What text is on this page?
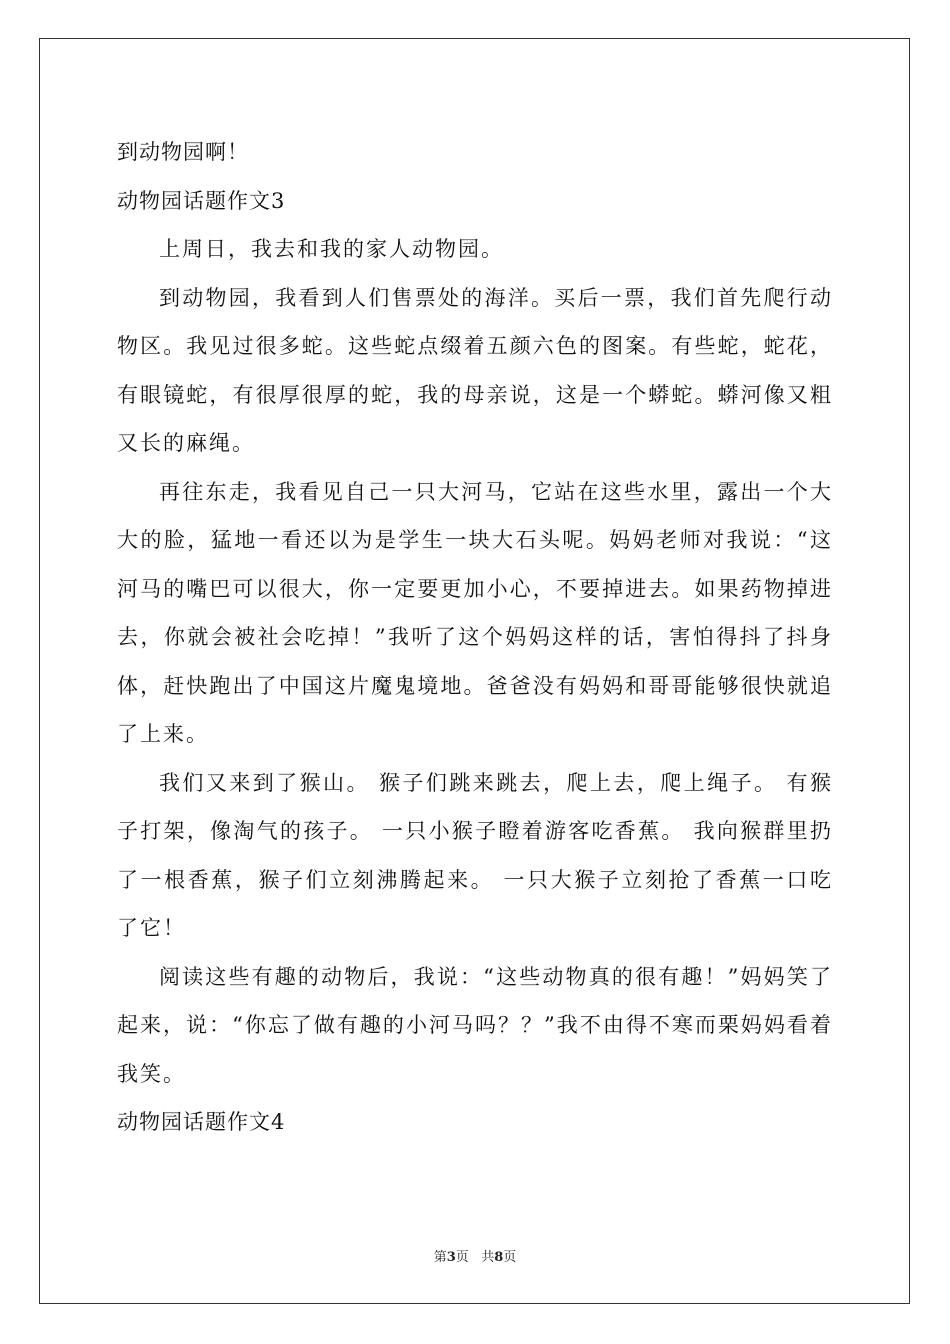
到动物园啊！

动物园话题作文3

上周日，我去和我的家人动物园。

到动物园，我看到人们售票处的海洋。买后一票，我们首先爬行动物区。我见过很多蛇。这些蛇点缀着五颜六色的图案。有些蛇，蛇花，有眼镜蛇，有很厚很厚的蛇，我的母亲说，这是一个蟒蛇。蟒河像又粗又长的麻绳。

再往东走，我看见自己一只大河马，它站在这些水里，露出一个大大的脸，猛地一看还以为是学生一块大石头呢。妈妈老师对我说：“这河马的嘴巴可以很大，你一定要更加小心，不要掉进去。如果药物掉进去，你就会被社会吃掉！”我听了这个妈妈这样的话，害怕得抖了抖身体，赶快跑出了中国这片魔鬼境地。爸爸没有妈妈和哥哥能够很快就追了上来。

我们又来到了猴山。 猴子们跳来跳去，爬上去，爬上绳子。 有猴子打架，像淘气的孩子。 一只小猴子瞪着游客吃香蕉。 我向猴群里扔了一根香蕉，猴子们立刻沸腾起来。 一只大猴子立刻抢了香蕉一口吃了它！

阅读这些有趣的动物后，我说：“这些动物真的很有趣！”妈妈笑了起来，说：“你忘了做有趣的小河马吗？？”我不由得不寒而栗妈妈看着我笑。

动物园话题作文4

第3页 共8页
